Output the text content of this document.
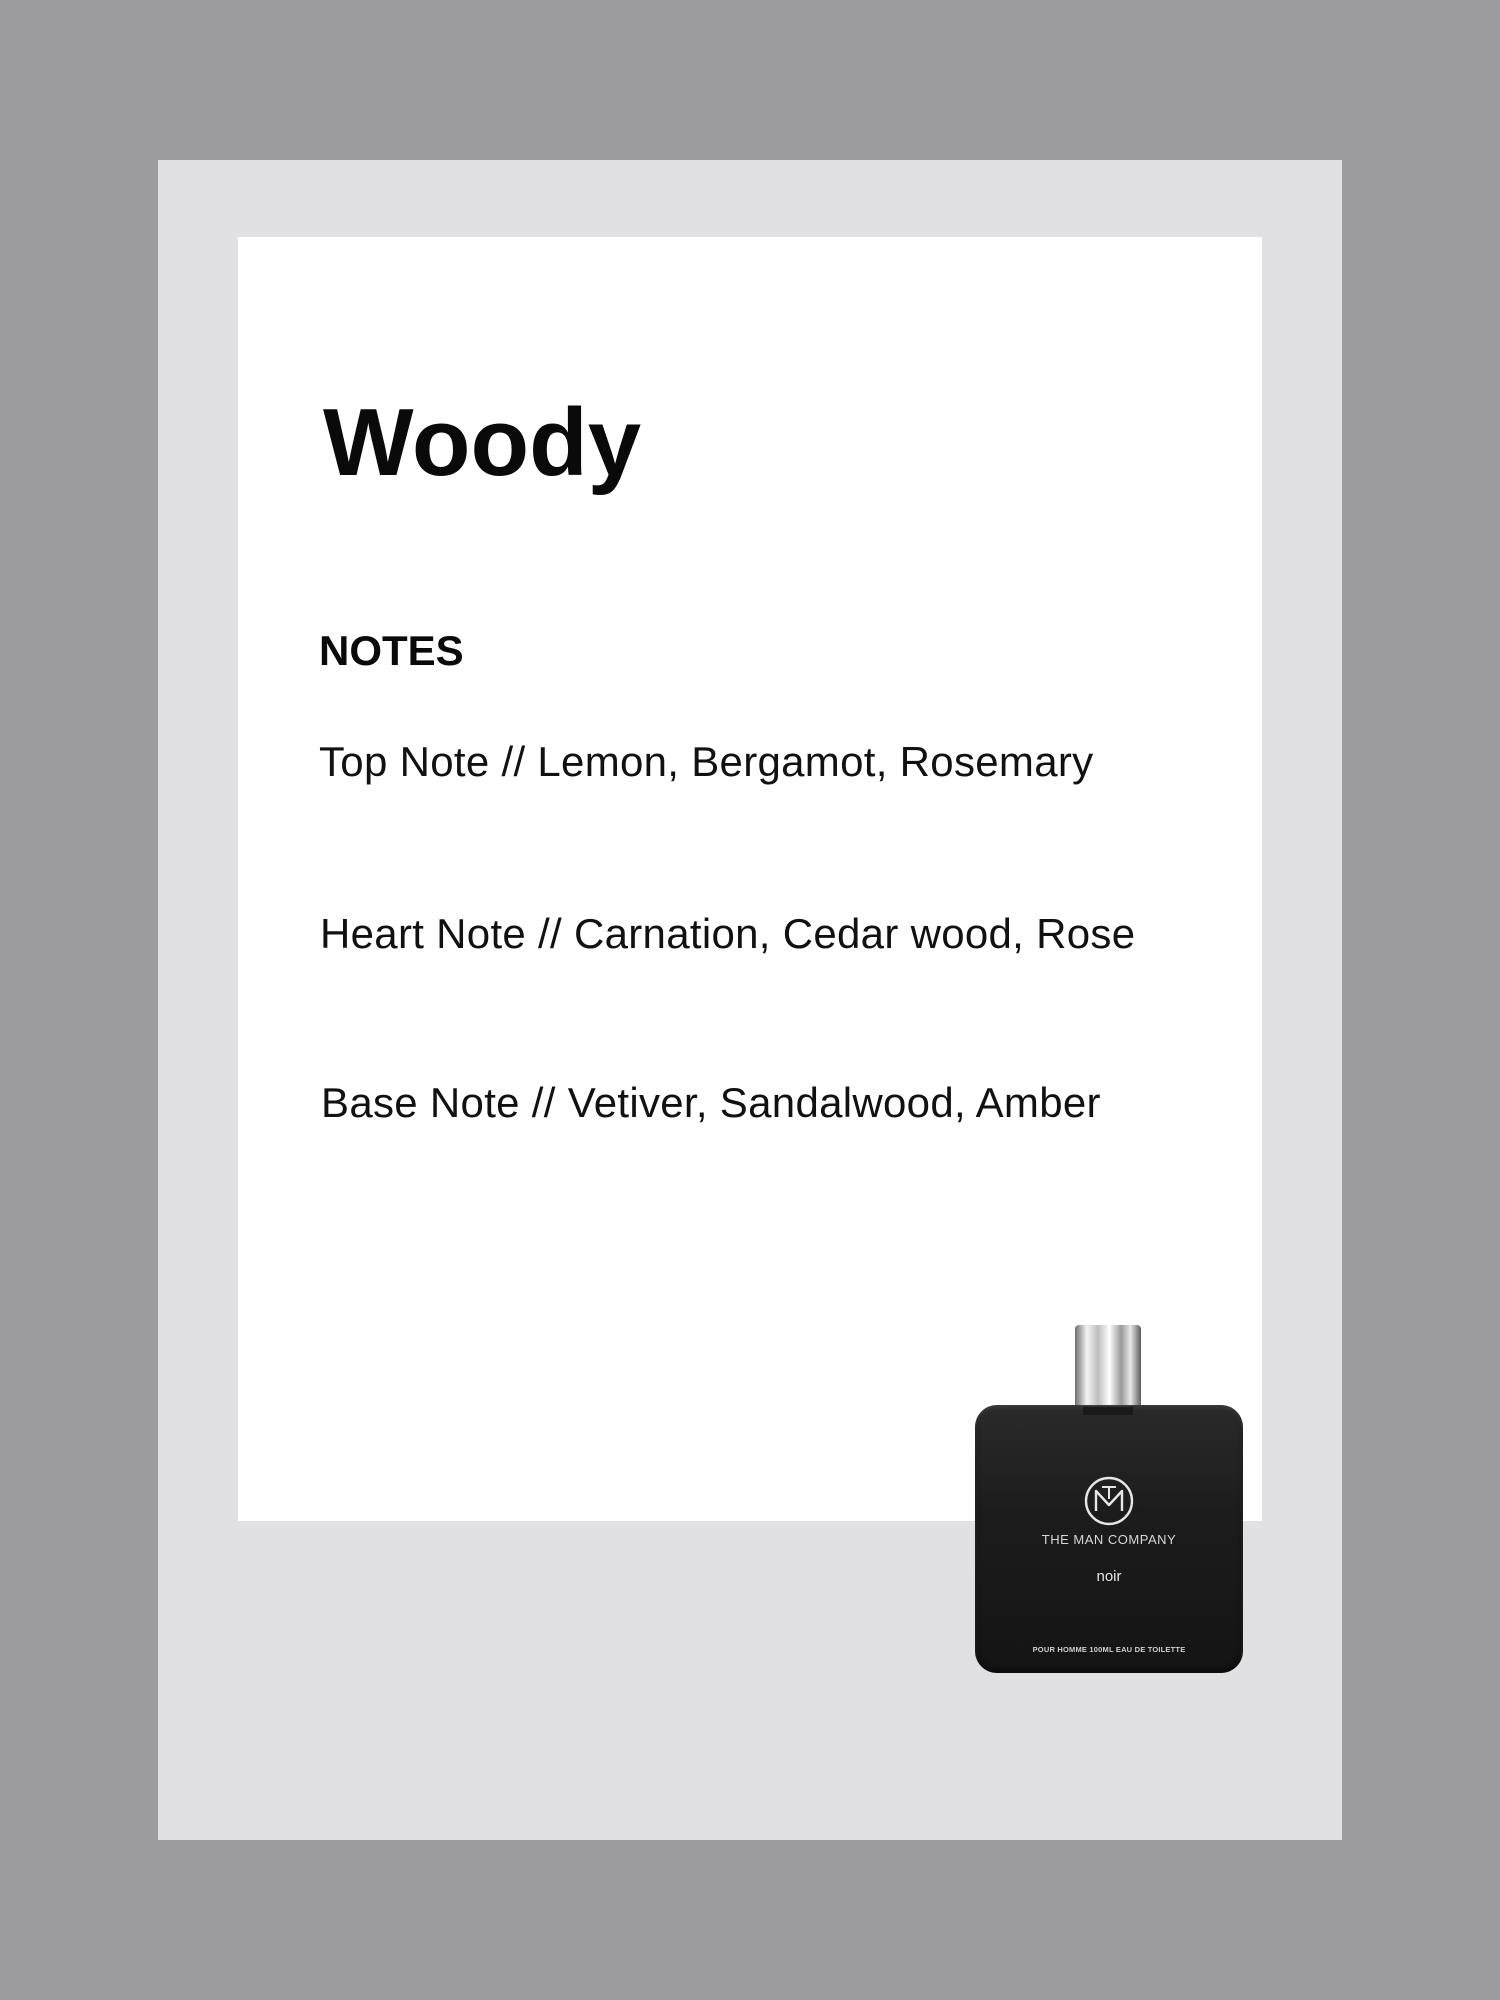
Woody
NOTES

Top Note // Lemon, Bergamot, Rosemary

Heart Note // Carnation, Cedar wood, Rose

Base Note // Vetiver, Sandalwood, Amber

THE MAN COMPANY
noir
POUR HOMME 100ML EAU DE TOILETTE
